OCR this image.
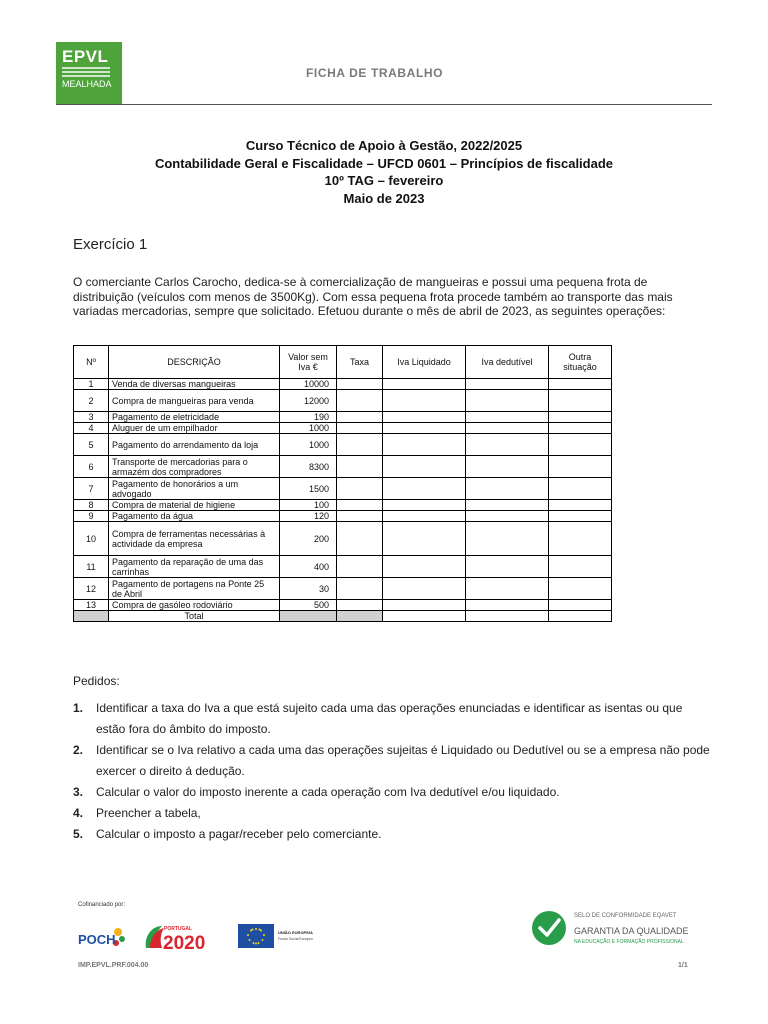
EPVL
MEALHADA
FICHA DE TRABALHO
Curso Técnico de Apoio à Gestão, 2022/2025
Contabilidade Geral e Fiscalidade – UFCD 0601 – Princípios de fiscalidade
10º TAG – fevereiro
Maio de 2023
Exercício 1
O comerciante Carlos Carocho, dedica-se à comercialização de mangueiras e possui uma pequena frota de distribuição (veículos com menos de 3500Kg). Com essa pequena frota procede também ao transporte das mais variadas mercadorias, sempre que solicitado. Efetuou durante o mês de abril de 2023, as seguintes operações:
Nº	DESCRIÇÃO	Valor sem Iva €	Taxa	Iva Liquidado	Iva dedutível	Outra situação
1	Venda de diversas mangueiras	10000				
2	Compra de mangueiras para venda	12000				
3	Pagamento de eletricidade	190				
4	Aluguer de um empilhador	1000				
5	Pagamento do arrendamento da loja	1000				
6	Transporte de mercadorias para o armazém dos compradores	8300				
7	Pagamento de honorários a um advogado	1500				
8	Compra de material de higiene	100				
9	Pagamento da água	120				
10	Compra de ferramentas necessárias à actividade da empresa	200				
11	Pagamento da reparação de uma das carrinhas	400				
12	Pagamento de portagens na Ponte 25 de Abril	30				
13	Compra de gasóleo rodoviário	500				
	Total					
Pedidos:
1. Identificar a taxa do Iva a que está sujeito cada uma das operações enunciadas e identificar as isentas ou que estão fora do âmbito do imposto.
2. Identificar se o Iva relativo a cada uma das operações sujeitas é Liquidado ou Dedutível ou se a empresa não pode exercer o direito á dedução.
3. Calcular o valor do imposto inerente a cada operação com Iva dedutível e/ou liquidado.
4. Preencher a tabela,
5. Calcular o imposto a pagar/receber pelo comerciante.
Cofinanciado por:
POCH
PORTUGAL
2020
UNIÃO EUROPEIA
Fundo Social Europeu
SELO DE CONFORMIDADE EQAVET
GARANTIA DA QUALIDADE
NA EDUCAÇÃO E FORMAÇÃO PROFISSIONAL
IMP.EPVL.PRF.004.00	1/1
